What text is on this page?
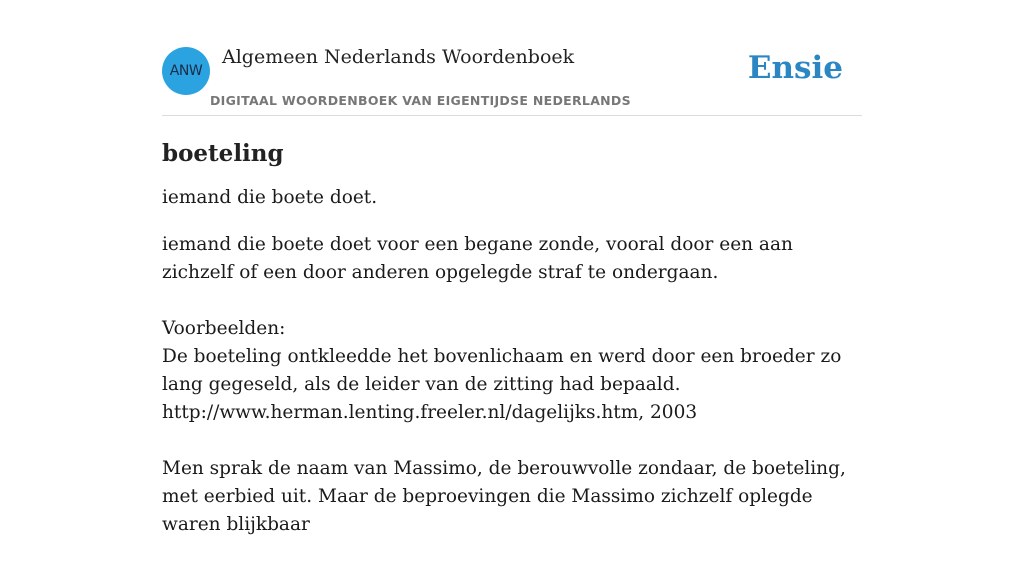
ANW
Algemeen Nederlands Woordenboek
DIGITAAL WOORDENBOEK VAN EIGENTIJDSE NEDERLANDS
Ensie
boeteling

iemand die boete doet.

iemand die boete doet voor een begane zonde, vooral door een aan zichzelf of een door anderen opgelegde straf te ondergaan.

Voorbeelden:

De boeteling ontkleedde het bovenlichaam en werd door een broeder zo lang gegeseld, als de leider van de zitting had bepaald.
http://www.herman.lenting.freeler.nl/dagelijks.htm, 2003
Men sprak de naam van Massimo, de berouwvolle zondaar, de boeteling, met eerbied uit. Maar de beproevingen die Massimo zichzelf oplegde waren blijkbaar
